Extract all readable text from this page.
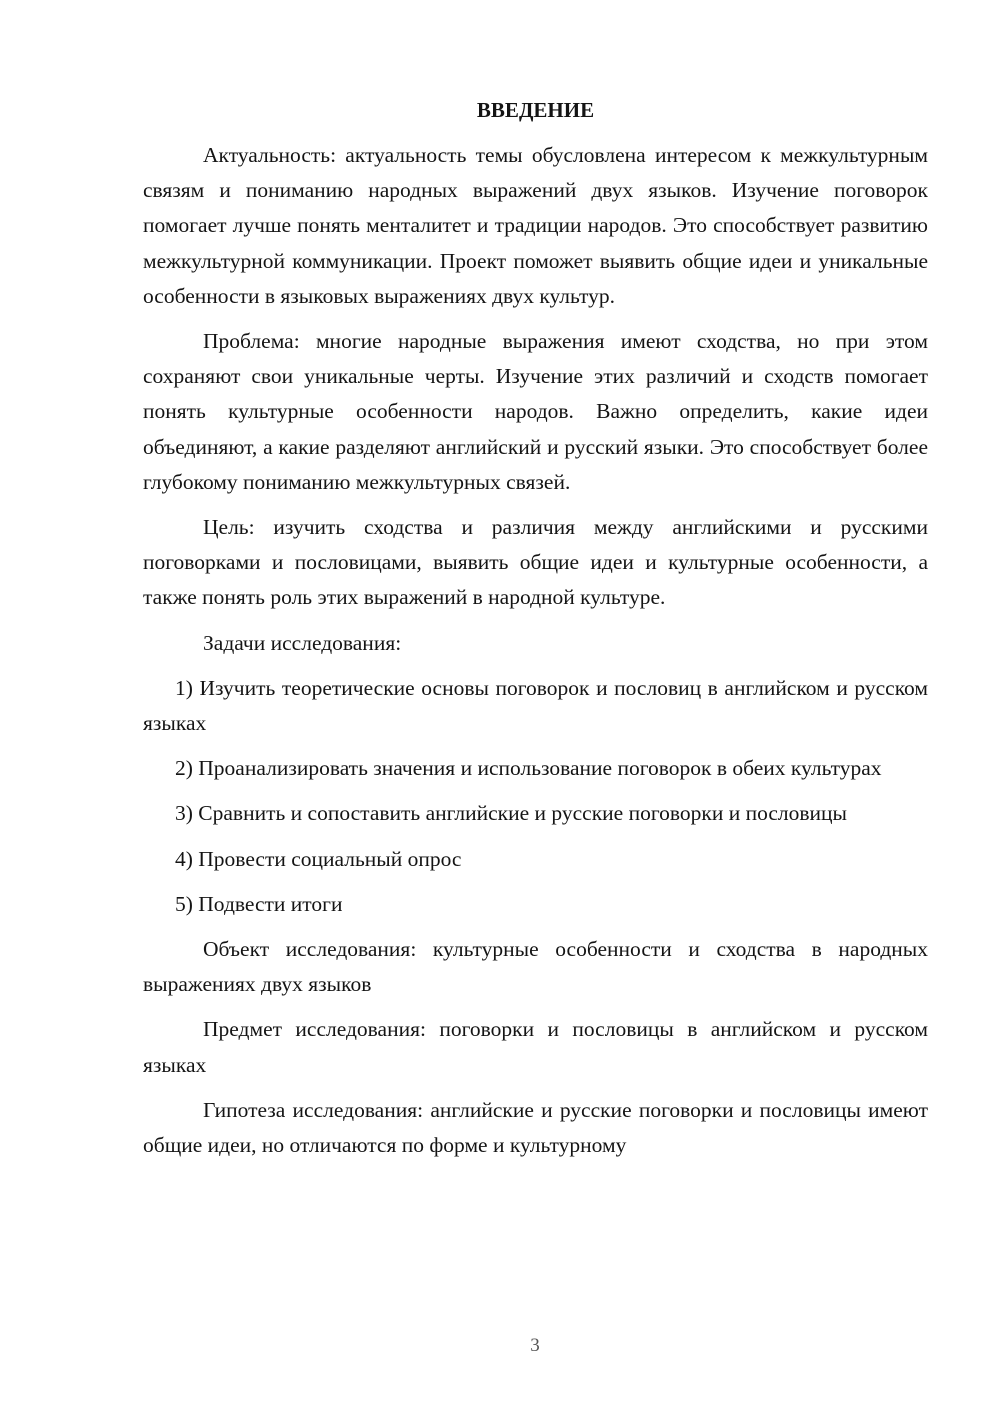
ВВЕДЕНИЕ

Актуальность: актуальность темы обусловлена интересом к межкультурным связям и пониманию народных выражений двух языков. Изучение поговорок помогает лучше понять менталитет и традиции народов. Это способствует развитию межкультурной коммуникации. Проект поможет выявить общие идеи и уникальные особенности в языковых выражениях двух культур.

Проблема: многие народные выражения имеют сходства, но при этом сохраняют свои уникальные черты. Изучение этих различий и сходств помогает понять культурные особенности народов. Важно определить, какие идеи объединяют, а какие разделяют английский и русский языки. Это способствует более глубокому пониманию межкультурных связей.

Цель: изучить сходства и различия между английскими и русскими поговорками и пословицами, выявить общие идеи и культурные особенности, а также понять роль этих выражений в народной культуре.

Задачи исследования:

1) Изучить теоретические основы поговорок и пословиц в английском и русском языках

2) Проанализировать значения и использование поговорок в обеих культурах

3) Сравнить и сопоставить английские и русские поговорки и пословицы

4) Провести социальный опрос

5) Подвести итоги

Объект исследования: культурные особенности и сходства в народных выражениях двух языков

Предмет исследования: поговорки и пословицы в английском и русском языках

Гипотеза исследования: английские и русские поговорки и пословицы имеют общие идеи, но отличаются по форме и культурному

3
